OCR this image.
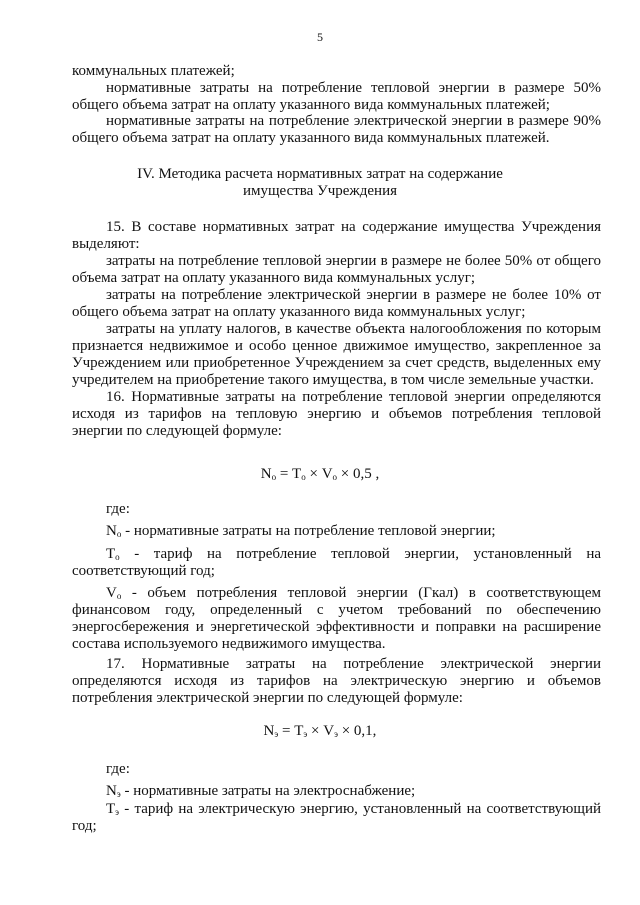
5
коммунальных платежей;
нормативные затраты на потребление тепловой энергии в размере 50%
общего объема затрат на оплату указанного вида коммунальных платежей;
нормативные затраты на потребление электрической энергии в размере 90%
общего объема затрат на оплату указанного вида коммунальных платежей.
IV. Методика расчета нормативных затрат на содержание
имущества Учреждения
15. В составе нормативных затрат на содержание имущества Учреждения
выделяют:
затраты на потребление тепловой энергии в размере не более 50% от общего
объема затрат на оплату указанного вида коммунальных услуг;
затраты на потребление электрической энергии в размере не более 10% от
общего объема затрат на оплату указанного вида коммунальных услуг;
затраты на уплату налогов, в качестве объекта налогообложения по которым
признается недвижимое и особо ценное движимое имущество, закрепленное за
Учреждением или приобретенное Учреждением за счет средств, выделенных ему
учредителем на приобретение такого имущества, в том числе земельные участки.
16. Нормативные затраты на потребление тепловой энергии определяются
исходя из тарифов на тепловую энергию и объемов потребления тепловой
энергии по следующей формуле:
$N_о = T_о \times V_о \times 0,5$ ,
где:
$N_о$ - нормативные затраты на потребление тепловой энергии;
$T_о$ - тариф на потребление тепловой энергии, установленный на
соответствующий год;
$V_о$ - объем потребления тепловой энергии (Гкал) в соответствующем
финансовом году, определенный с учетом требований по обеспечению
энергосбережения и энергетической эффективности и поправки на расширение
состава используемого недвижимого имущества.
17. Нормативные затраты на потребление электрической энергии
определяются исходя из тарифов на электрическую энергию и объемов
потребления электрической энергии по следующей формуле:
$N_э = T_э \times V_э \times 0,1$,
где:
$N_э$ - нормативные затраты на электроснабжение;
$T_э$ - тариф на электрическую энергию, установленный на соответствующий
год;
